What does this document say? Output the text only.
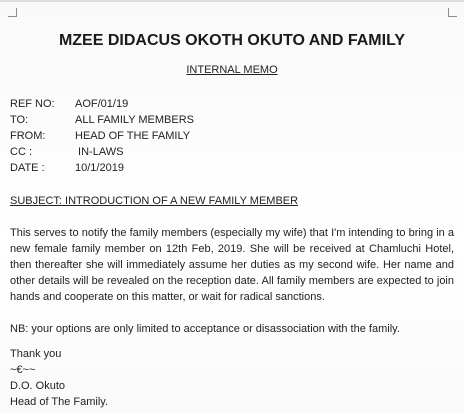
MZEE DIDACUS OKOTH OKUTO AND FAMILY
INTERNAL MEMO
REF NO: AOF/01/19
TO:	ALL FAMILY MEMBERS
FROM:	HEAD OF THE FAMILY
CC :	IN-LAWS
DATE :	10/1/2019
SUBJECT: INTRODUCTION OF A NEW FAMILY MEMBER
This serves to notify the family members (especially my wife) that I'm intending to bring in a new female family member on 12th Feb, 2019. She will be received at Chamluchi Hotel, then thereafter she will immediately assume her duties as my second wife. Her name and other details will be revealed on the reception date. All family members are expected to join hands and cooperate on this matter, or wait for radical sanctions.
NB: your options are only limited to acceptance or disassociation with the family.
Thank you
~€~~
D.O. Okuto
Head of The Family.
